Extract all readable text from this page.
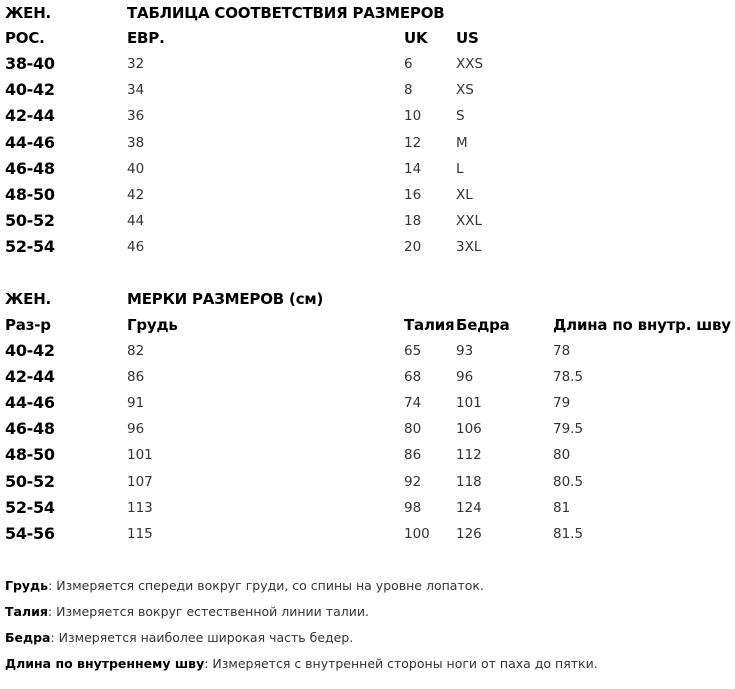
ЖЕН.	ТАБЛИЦА СООТВЕТСТВИЯ РАЗМЕРОВ
РОС.	ЕВР.	UK US
38-40	32	6	XXS
40-42	34	8	XS
42-44	36	10	S
44-46	38	12	M
46-48	40	14	L
48-50	42	16	XL
50-52	44	18	XXL
52-54	46	20	3XL
ЖЕН.	МЕРКИ РАЗМЕРОВ (см)
Раз-р	Грудь	Талия Бедра	Длина по внутр. шву
40-42	82	65	93	78
42-44	86	68	96	78.5
44-46	91	74	101	79
46-48	96	80	106	79.5
48-50	101	86	112	80
50-52	107	92	118	80.5
52-54	113	98	124	81
54-56	115	100 126	81.5
Грудь: Измеряется спереди вокруг груди, со спины на уровне лопаток.
Талия: Измеряется вокруг естественной линии талии.
Бедра: Измеряется наиболее широкая часть бедер.
Длина по внутреннему шву: Измеряется с внутренней стороны ноги от паха до пятки.
